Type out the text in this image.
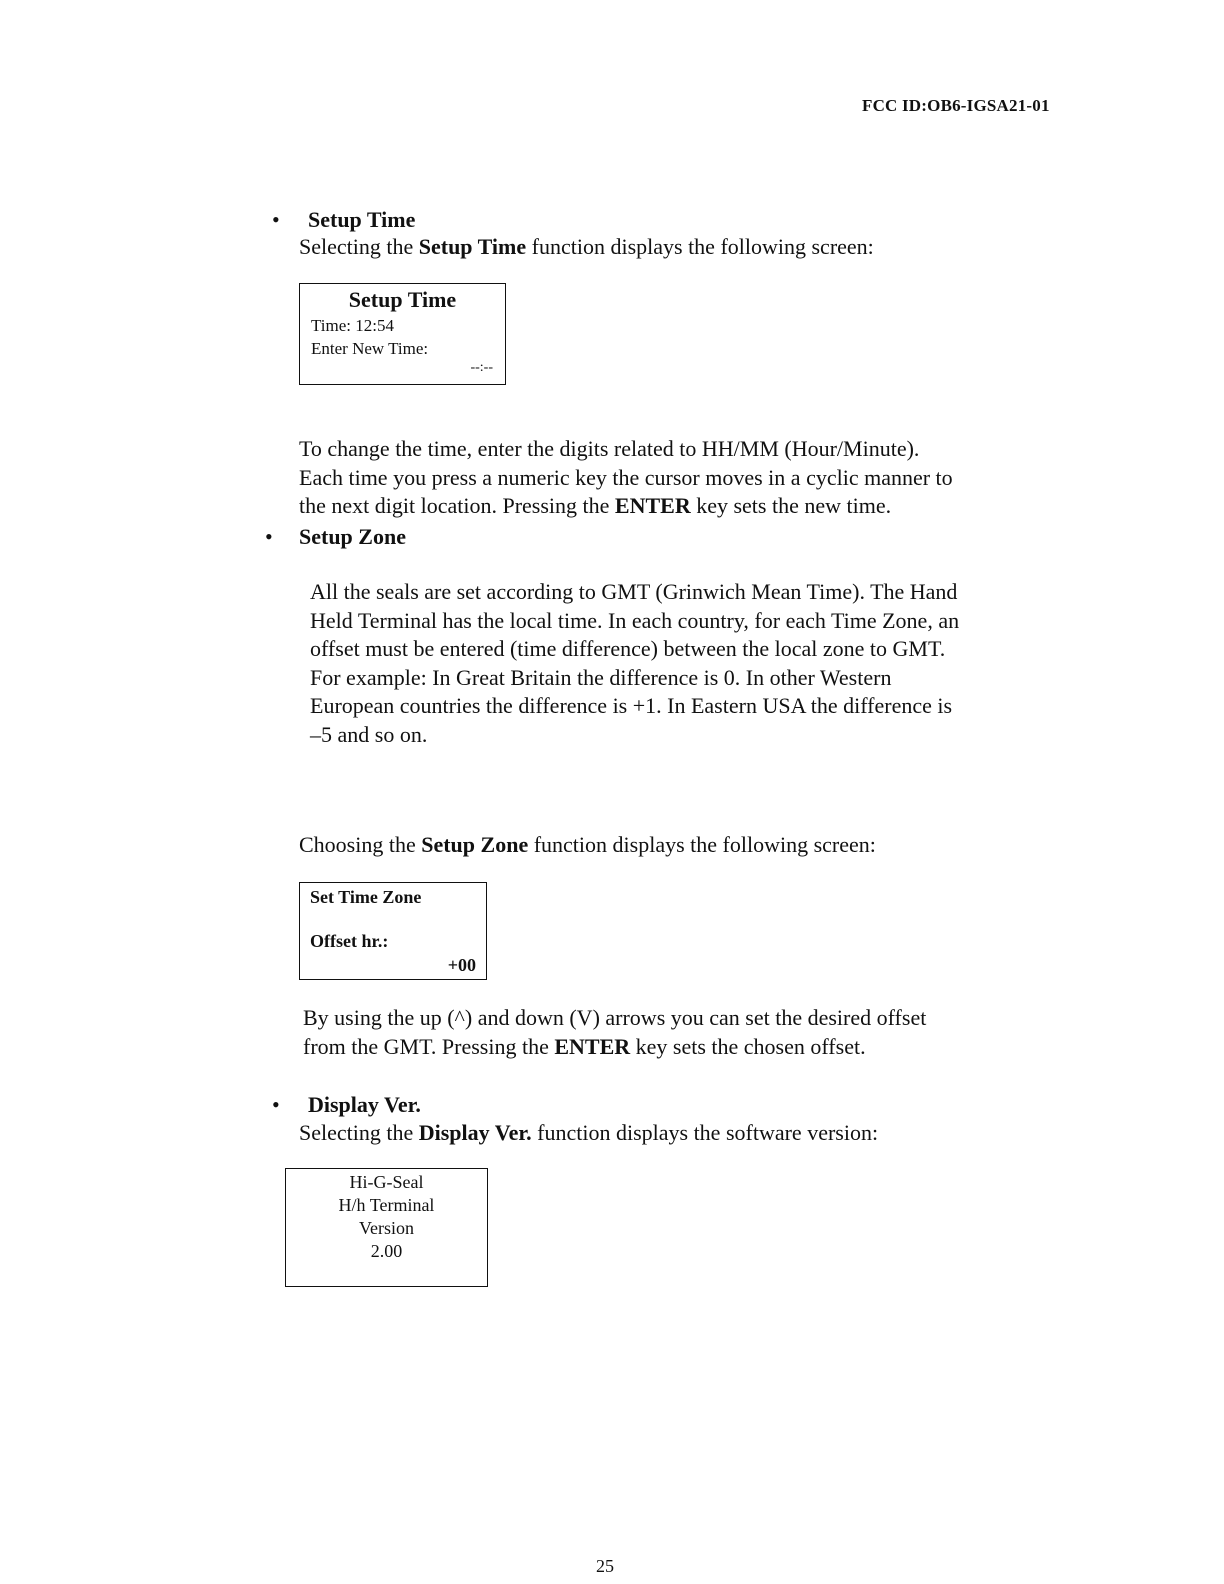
FCC ID:OB6-IGSA21-01
• Setup Time
Selecting the Setup Time function displays the following screen:
Setup Time
Time: 12:54
Enter New Time:
--:--
To change the time, enter the digits related to HH/MM (Hour/Minute).
Each time you press a numeric key the cursor moves in a cyclic manner to
the next digit location. Pressing the ENTER key sets the new time.
• Setup Zone
All the seals are set according to GMT (Grinwich Mean Time). The Hand
Held Terminal has the local time. In each country, for each Time Zone, an
offset must be entered (time difference) between the local zone to GMT.
For example: In Great Britain the difference is 0. In other Western
European countries the difference is +1. In Eastern USA the difference is
–5 and so on.
Choosing the Setup Zone function displays the following screen:
Set Time Zone
Offset hr.:
+00
By using the up (^) and down (V) arrows you can set the desired offset
from the GMT. Pressing the ENTER key sets the chosen offset.
• Display Ver.
Selecting the Display Ver. function displays the software version:
Hi-G-Seal
H/h Terminal
Version
2.00
25
